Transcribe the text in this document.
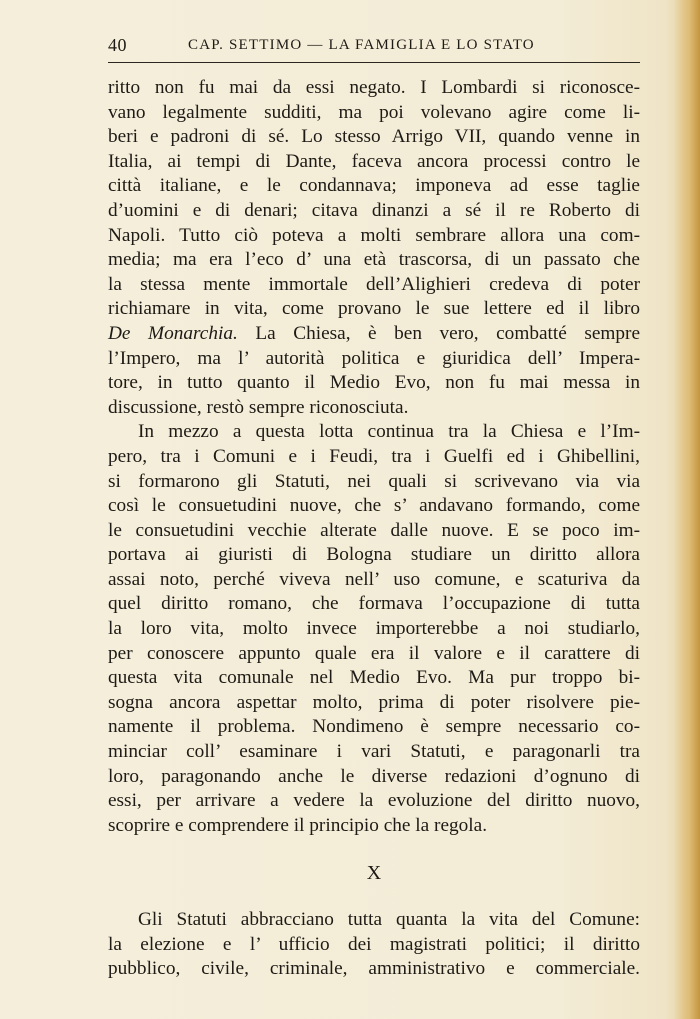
40	CAP. SETTIMO — LA FAMIGLIA E LO STATO
ritto non fu mai da essi negato. I Lombardi si riconosce-
vano legalmente sudditi, ma poi volevano agire come li-
beri e padroni di sé. Lo stesso Arrigo VII, quando venne in
Italia, ai tempi di Dante, faceva ancora processi contro le
città italiane, e le condannava; imponeva ad esse taglie
d’uomini e di denari; citava dinanzi a sé il re Roberto di
Napoli. Tutto ciò poteva a molti sembrare allora una com-
media; ma era l’eco d’ una età trascorsa, di un passato che
la stessa mente immortale dell’Alighieri credeva di poter
richiamare in vita, come provano le sue lettere ed il libro
De Monarchia. La Chiesa, è ben vero, combatté sempre
l’Impero, ma l’ autorità politica e giuridica dell’ Impera-
tore, in tutto quanto il Medio Evo, non fu mai messa in
discussione, restò sempre riconosciuta.
In mezzo a questa lotta continua tra la Chiesa e l’Im-
pero, tra i Comuni e i Feudi, tra i Guelfi ed i Ghibellini,
si formarono gli Statuti, nei quali si scrivevano via via
così le consuetudini nuove, che s’ andavano formando, come
le consuetudini vecchie alterate dalle nuove. E se poco im-
portava ai giuristi di Bologna studiare un diritto allora
assai noto, perché viveva nell’ uso comune, e scaturiva da
quel diritto romano, che formava l’occupazione di tutta
la loro vita, molto invece importerebbe a noi studiarlo,
per conoscere appunto quale era il valore e il carattere di
questa vita comunale nel Medio Evo. Ma pur troppo bi-
sogna ancora aspettar molto, prima di poter risolvere pie-
namente il problema. Nondimeno è sempre necessario co-
minciar coll’ esaminare i vari Statuti, e paragonarli tra
loro, paragonando anche le diverse redazioni d’ognuno di
essi, per arrivare a vedere la evoluzione del diritto nuovo,
scoprire e comprendere il principio che la regola.
X
Gli Statuti abbracciano tutta quanta la vita del Comune:
la elezione e l’ ufficio dei magistrati politici; il diritto
pubblico, civile, criminale, amministrativo e commerciale.
